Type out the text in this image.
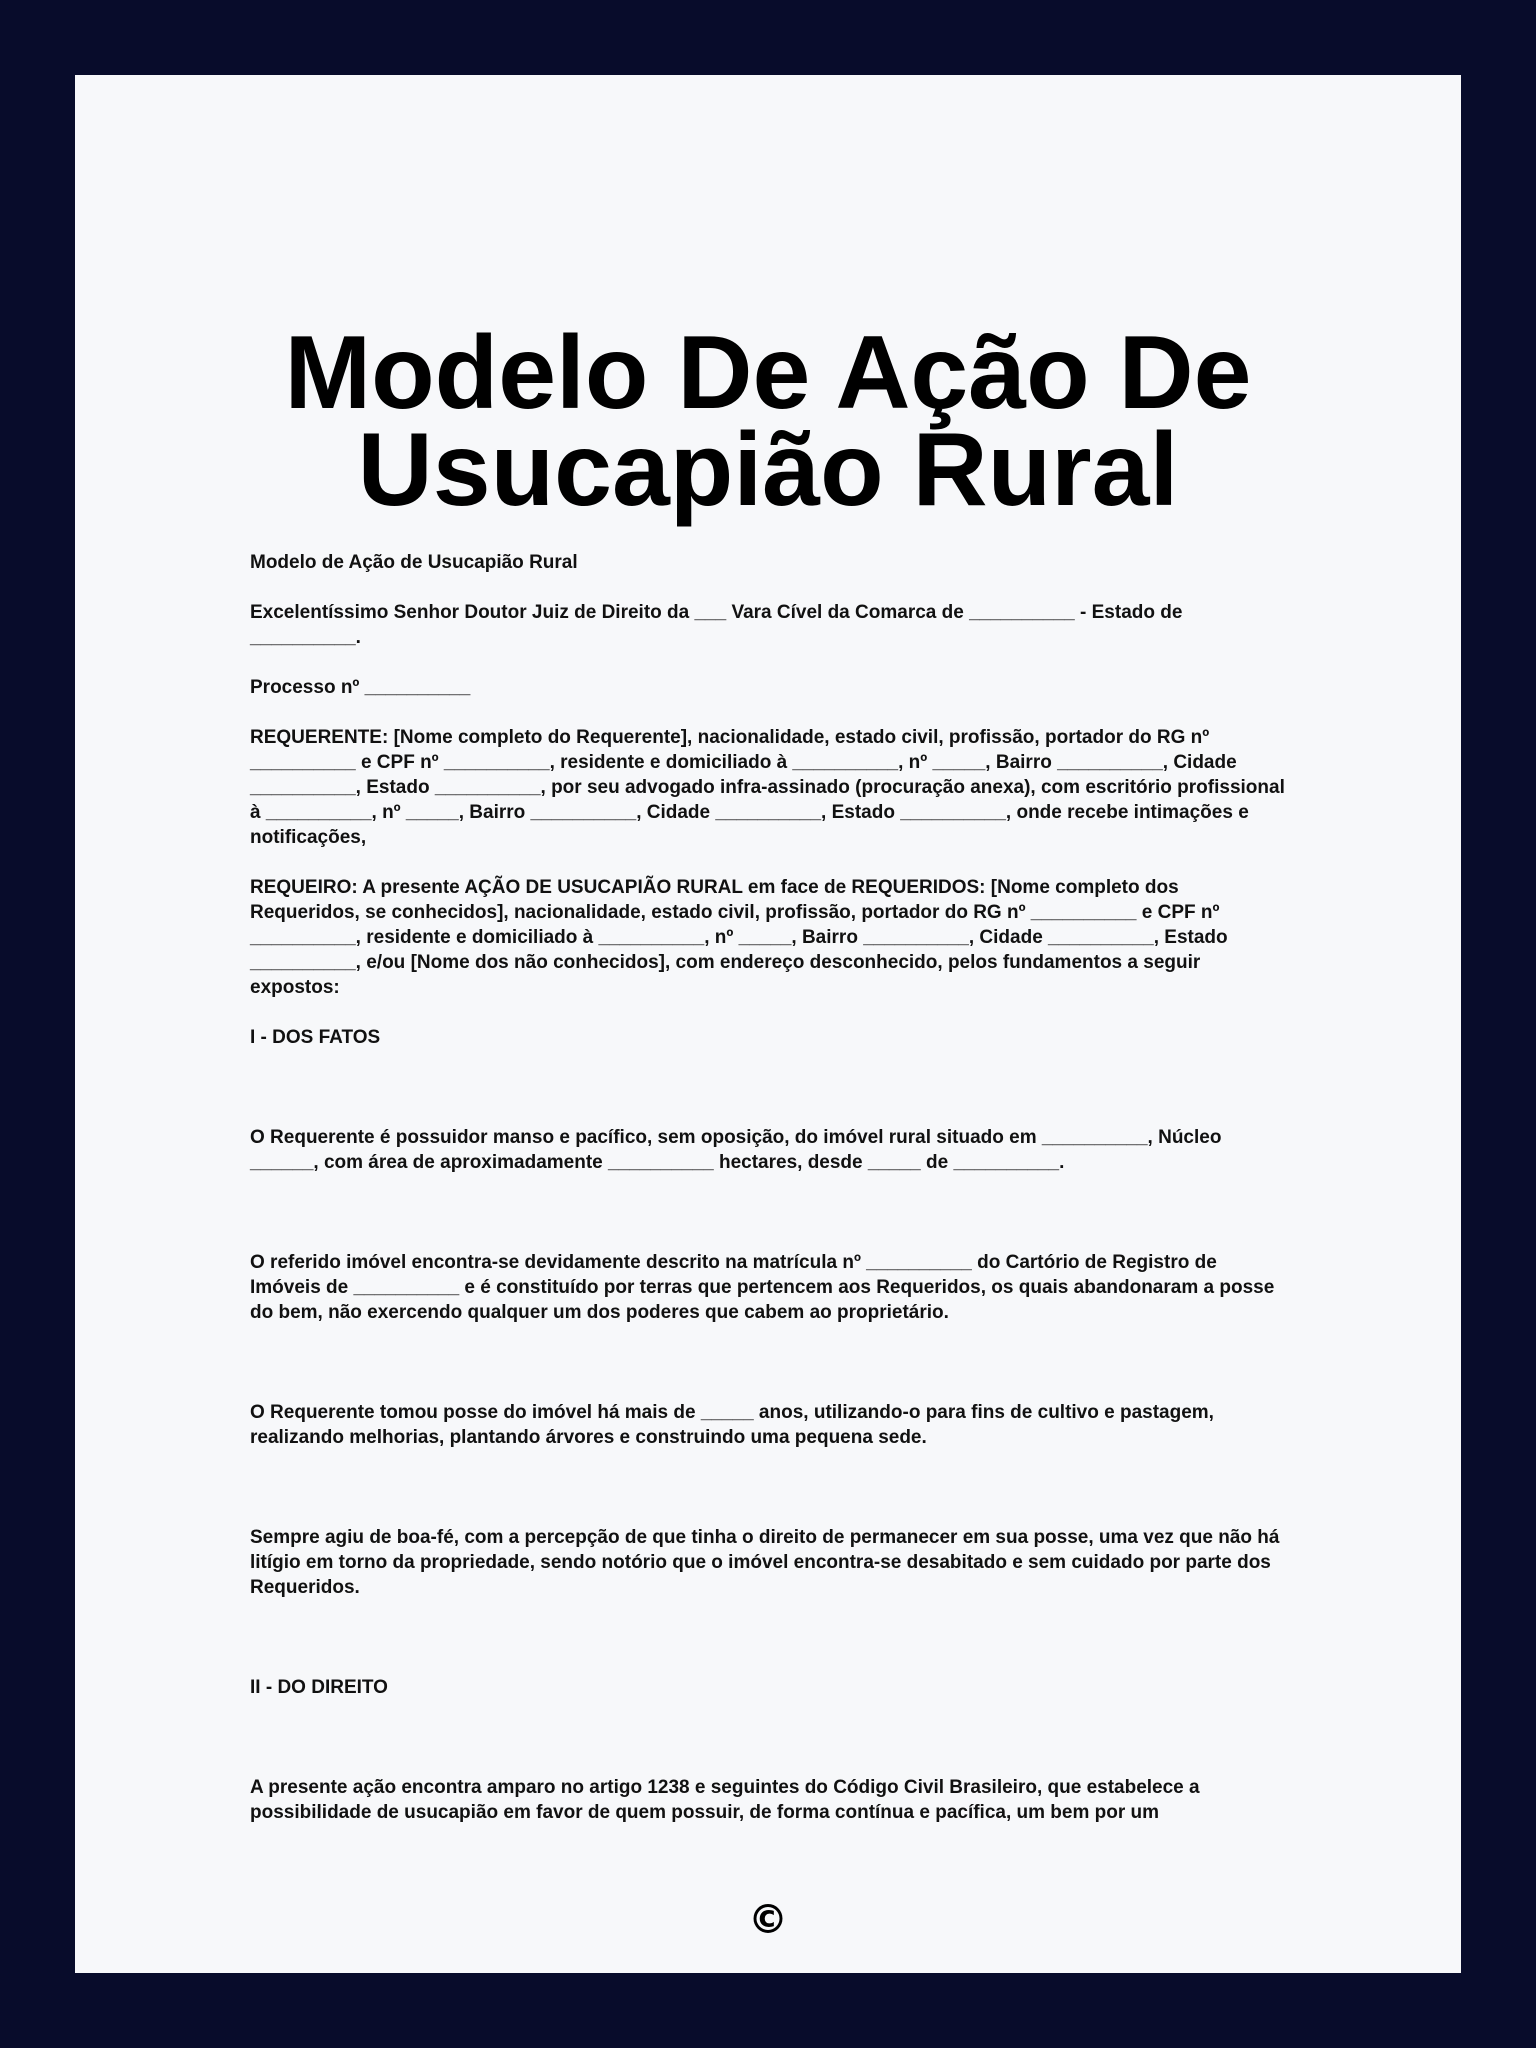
Modelo De Ação De
Usucapião Rural

Modelo de Ação de Usucapião Rural

Excelentíssimo Senhor Doutor Juiz de Direito da ___ Vara Cível da Comarca de __________ - Estado de __________.

Processo nº __________

REQUERENTE: [Nome completo do Requerente], nacionalidade, estado civil, profissão, portador do RG nº __________ e CPF nº __________, residente e domiciliado à __________, nº _____, Bairro __________, Cidade __________, Estado __________, por seu advogado infra-assinado (procuração anexa), com escritório profissional à __________, nº _____, Bairro __________, Cidade __________, Estado __________, onde recebe intimações e notificações,

REQUEIRO: A presente AÇÃO DE USUCAPIÃO RURAL em face de REQUERIDOS: [Nome completo dos Requeridos, se conhecidos], nacionalidade, estado civil, profissão, portador do RG nº __________ e CPF nº __________, residente e domiciliado à __________, nº _____, Bairro __________, Cidade __________, Estado __________, e/ou [Nome dos não conhecidos], com endereço desconhecido, pelos fundamentos a seguir expostos:

I - DOS FATOS

O Requerente é possuidor manso e pacífico, sem oposição, do imóvel rural situado em __________, Núcleo ______, com área de aproximadamente __________ hectares, desde _____ de __________.

O referido imóvel encontra-se devidamente descrito na matrícula nº __________ do Cartório de Registro de Imóveis de __________ e é constituído por terras que pertencem aos Requeridos, os quais abandonaram a posse do bem, não exercendo qualquer um dos poderes que cabem ao proprietário.

O Requerente tomou posse do imóvel há mais de _____ anos, utilizando-o para fins de cultivo e pastagem, realizando melhorias, plantando árvores e construindo uma pequena sede.

Sempre agiu de boa-fé, com a percepção de que tinha o direito de permanecer em sua posse, uma vez que não há litígio em torno da propriedade, sendo notório que o imóvel encontra-se desabitado e sem cuidado por parte dos Requeridos.

II - DO DIREITO

A presente ação encontra amparo no artigo 1238 e seguintes do Código Civil Brasileiro, que estabelece a possibilidade de usucapião em favor de quem possuir, de forma contínua e pacífica, um bem por um

©
